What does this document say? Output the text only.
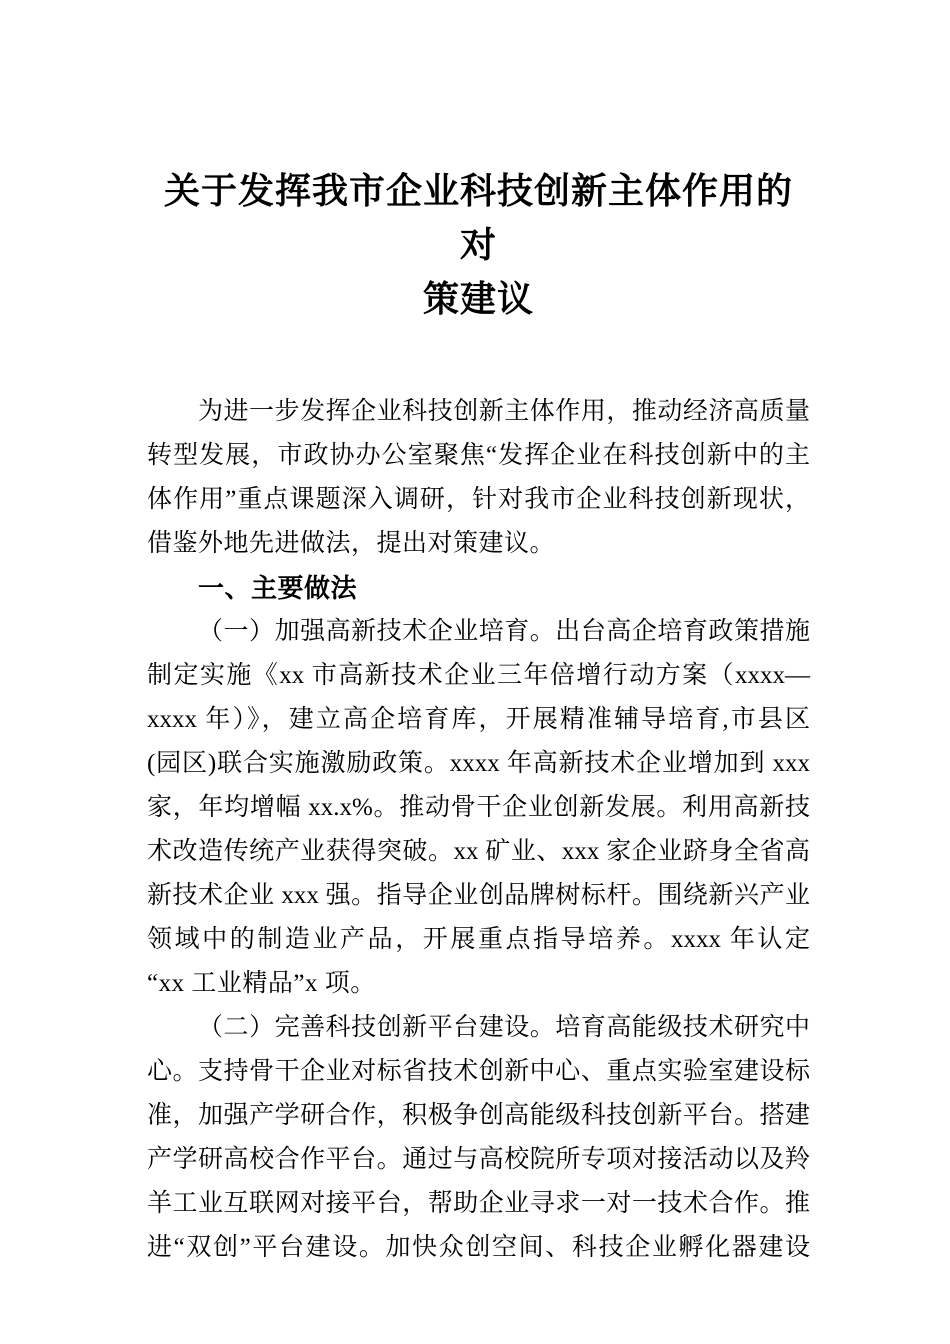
关于发挥我市企业科技创新主体作用的对
策建议
为进一步发挥企业科技创新主体作用，推动经济高质量
转型发展，市政协办公室聚焦“发挥企业在科技创新中的主
体作用”重点课题深入调研，针对我市企业科技创新现状，
借鉴外地先进做法，提出对策建议。
一、主要做法
（一）加强高新技术企业培育。出台高企培育政策措施
制定实施《xx 市高新技术企业三年倍增行动方案（xxxx—
xxxx 年）》，建立高企培育库，开展精准辅导培育,市县区
(园区)联合实施激励政策。xxxx 年高新技术企业增加到 xxx
家，年均增幅 xx.x%。推动骨干企业创新发展。利用高新技
术改造传统产业获得突破。xx 矿业、xxx 家企业跻身全省高
新技术企业 xxx 强。指导企业创品牌树标杆。围绕新兴产业
领域中的制造业产品，开展重点指导培养。xxxx 年认定
“xx 工业精品”x 项。
（二）完善科技创新平台建设。培育高能级技术研究中
心。支持骨干企业对标省技术创新中心、重点实验室建设标
准，加强产学研合作，积极争创高能级科技创新平台。搭建
产学研高校合作平台。通过与高校院所专项对接活动以及羚
羊工业互联网对接平台，帮助企业寻求一对一技术合作。推
进“双创”平台建设。加快众创空间、科技企业孵化器建设
